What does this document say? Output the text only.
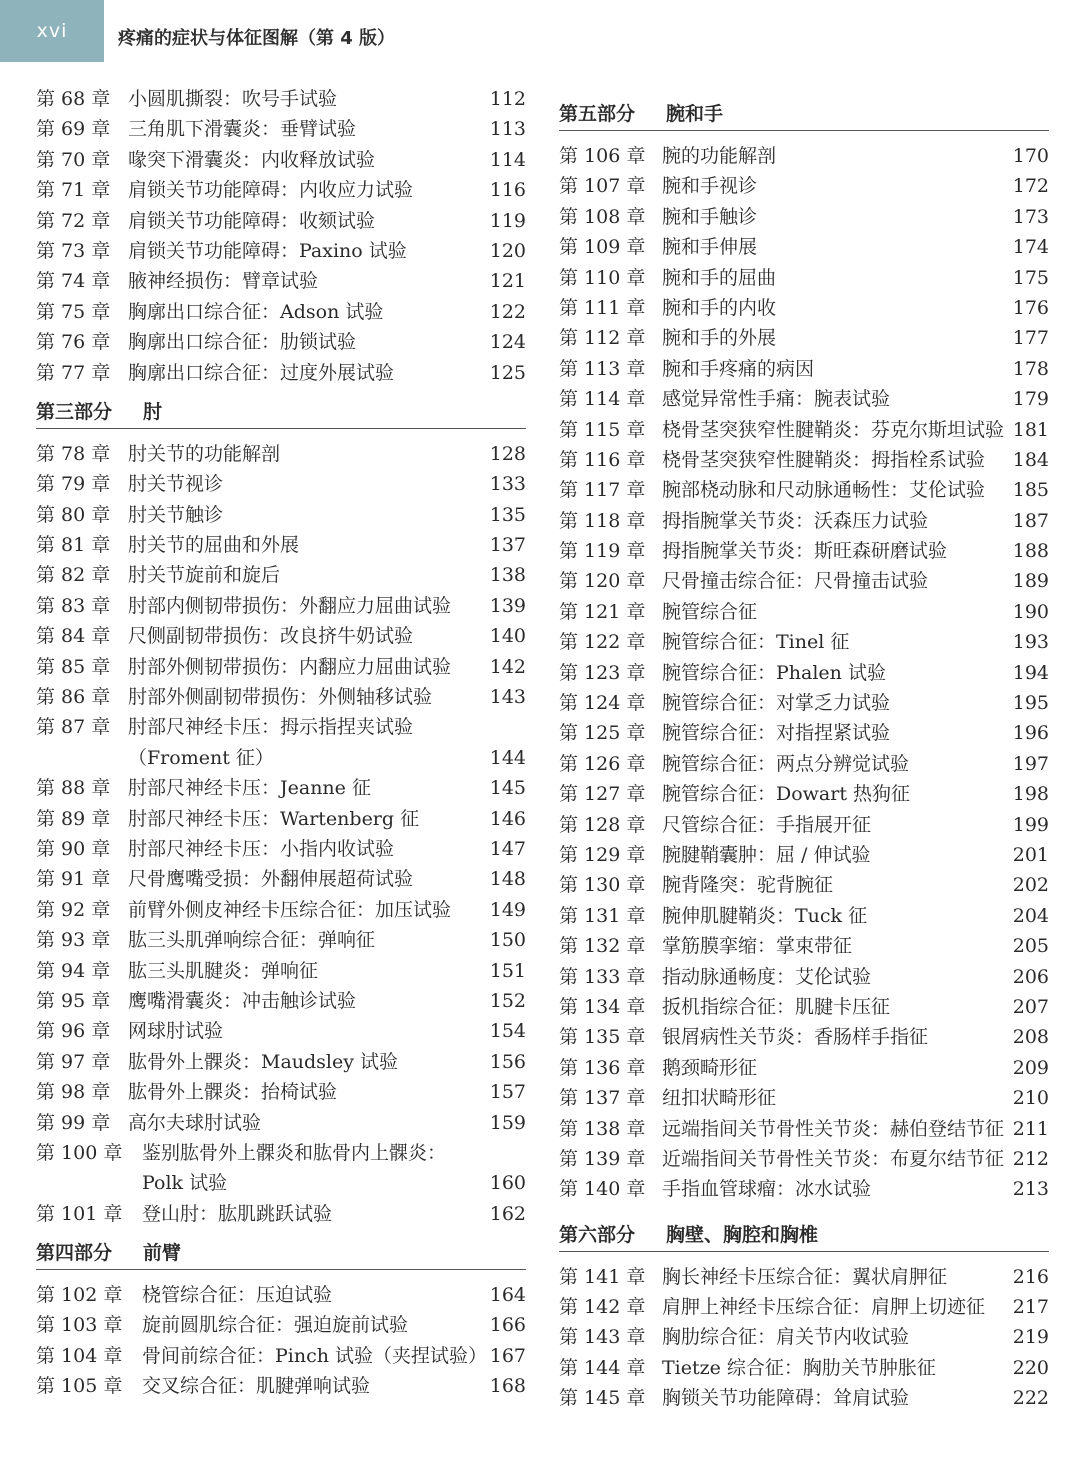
xvi	疼痛的症状与体征图解（第 4 版）
第 68 章 小圆肌撕裂：吹号手试验	112
第 69 章 三角肌下滑囊炎：垂臂试验	113
第 70 章 喙突下滑囊炎：内收释放试验	114
第 71 章 肩锁关节功能障碍：内收应力试验	116
第 72 章 肩锁关节功能障碍：收颏试验	119
第 73 章 肩锁关节功能障碍：Paxino 试验	120
第 74 章 腋神经损伤：臂章试验	121
第 75 章 胸廓出口综合征：Adson 试验	122
第 76 章 胸廓出口综合征：肋锁试验	124
第 77 章 胸廓出口综合征：过度外展试验	125
第三部分 肘
第 78 章 肘关节的功能解剖	128
第 79 章 肘关节视诊	133
第 80 章 肘关节触诊	135
第 81 章 肘关节的屈曲和外展	137
第 82 章 肘关节旋前和旋后	138
第 83 章 肘部内侧韧带损伤：外翻应力屈曲试验 139
第 84 章 尺侧副韧带损伤：改良挤牛奶试验	140
第 85 章 肘部外侧韧带损伤：内翻应力屈曲试验 142
第 86 章 肘部外侧副韧带损伤：外侧轴移试验	143
第 87 章 肘部尺神经卡压：拇示指捏夹试验
（Froment 征）	144
第 88 章 肘部尺神经卡压：Jeanne 征	145
第 89 章 肘部尺神经卡压：Wartenberg 征	146
第 90 章 肘部尺神经卡压：小指内收试验	147
第 91 章 尺骨鹰嘴受损：外翻伸展超荷试验	148
第 92 章 前臂外侧皮神经卡压综合征：加压试验 149
第 93 章 肱三头肌弹响综合征：弹响征	150
第 94 章 肱三头肌腱炎：弹响征	151
第 95 章 鹰嘴滑囊炎：冲击触诊试验	152
第 96 章 网球肘试验	154
第 97 章 肱骨外上髁炎：Maudsley 试验	156
第 98 章 肱骨外上髁炎：抬椅试验	157
第 99 章 高尔夫球肘试验	159
第 100 章 鉴别肱骨外上髁炎和肱骨内上髁炎：
Polk 试验	160
第 101 章 登山肘：肱肌跳跃试验	162
第四部分 前臂
第 102 章 桡管综合征：压迫试验	164
第 103 章 旋前圆肌综合征：强迫旋前试验	166
第 104 章 骨间前综合征：Pinch 试验（夹捏试验） 167
第 105 章 交叉综合征：肌腱弹响试验	168
第五部分 腕和手
第 106 章 腕的功能解剖	170
第 107 章 腕和手视诊	172
第 108 章 腕和手触诊	173
第 109 章 腕和手伸展	174
第 110 章 腕和手的屈曲	175
第 111 章 腕和手的内收	176
第 112 章 腕和手的外展	177
第 113 章 腕和手疼痛的病因	178
第 114 章 感觉异常性手痛：腕表试验	179
第 115 章 桡骨茎突狭窄性腱鞘炎：芬克尔斯坦试验 181
第 116 章 桡骨茎突狭窄性腱鞘炎：拇指栓系试验 184
第 117 章 腕部桡动脉和尺动脉通畅性：艾伦试验 185
第 118 章 拇指腕掌关节炎：沃森压力试验	187
第 119 章 拇指腕掌关节炎：斯旺森研磨试验	188
第 120 章 尺骨撞击综合征：尺骨撞击试验	189
第 121 章 腕管综合征	190
第 122 章 腕管综合征：Tinel 征	193
第 123 章 腕管综合征：Phalen 试验	194
第 124 章 腕管综合征：对掌乏力试验	195
第 125 章 腕管综合征：对指捏紧试验	196
第 126 章 腕管综合征：两点分辨觉试验	197
第 127 章 腕管综合征：Dowart 热狗征	198
第 128 章 尺管综合征：手指展开征	199
第 129 章 腕腱鞘囊肿：屈 / 伸试验	201
第 130 章 腕背隆突：驼背腕征	202
第 131 章 腕伸肌腱鞘炎：Tuck 征	204
第 132 章 掌筋膜挛缩：掌束带征	205
第 133 章 指动脉通畅度：艾伦试验	206
第 134 章 扳机指综合征：肌腱卡压征	207
第 135 章 银屑病性关节炎：香肠样手指征	208
第 136 章 鹅颈畸形征	209
第 137 章 纽扣状畸形征	210
第 138 章 远端指间关节骨性关节炎：赫伯登结节征 211
第 139 章 近端指间关节骨性关节炎：布夏尔结节征 212
第 140 章 手指血管球瘤：冰水试验	213
第六部分 胸壁、胸腔和胸椎
第 141 章 胸长神经卡压综合征：翼状肩胛征	216
第 142 章 肩胛上神经卡压综合征：肩胛上切迹征 217
第 143 章 胸肋综合征：肩关节内收试验	219
第 144 章 Tietze 综合征：胸肋关节肿胀征	220
第 145 章 胸锁关节功能障碍：耸肩试验	222
